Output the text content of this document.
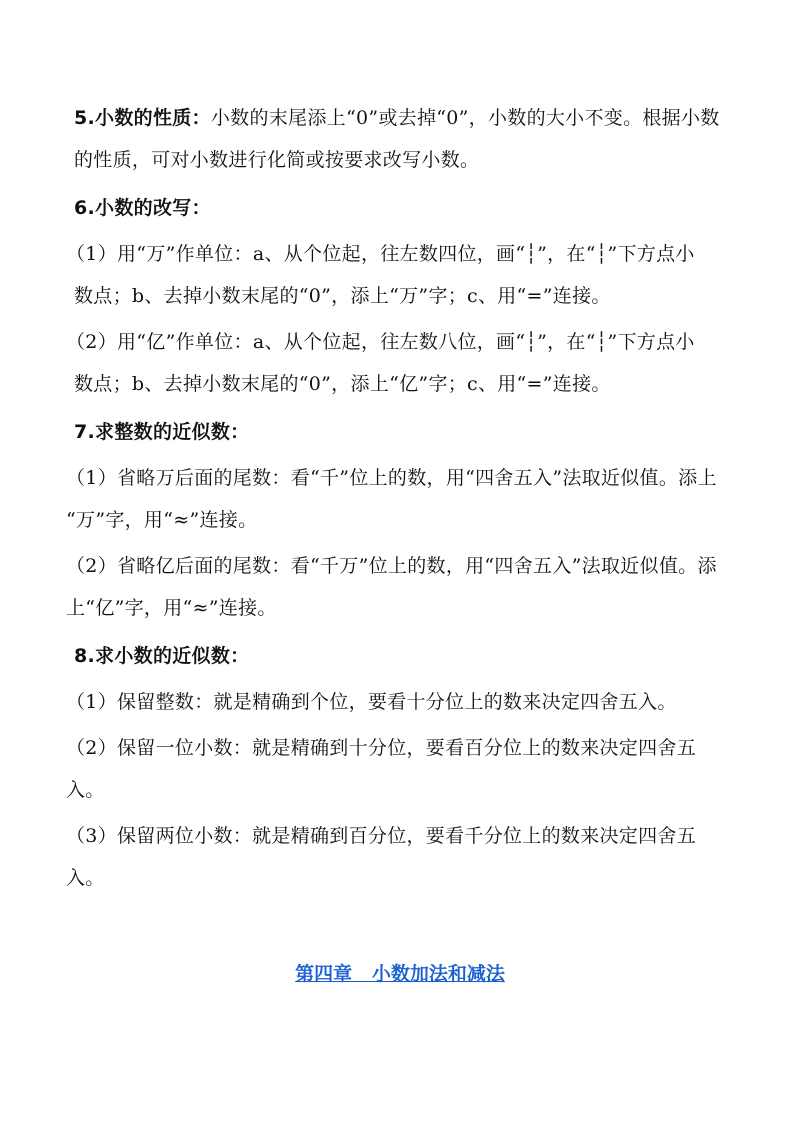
5.小数的性质：小数的末尾添上“0”或去掉“0”，小数的大小不变。根据小数
的性质，可对小数进行化简或按要求改写小数。
6.小数的改写：
（1）用“万”作单位：a、从个位起，往左数四位，画“┆”，在“┆”下方点小
数点；b、去掉小数末尾的“0”，添上“万”字；c、用“=”连接。
（2）用“亿”作单位：a、从个位起，往左数八位，画“┆”，在“┆”下方点小
数点；b、去掉小数末尾的“0”，添上“亿”字；c、用“=”连接。
7.求整数的近似数：
（1）省略万后面的尾数：看“千”位上的数，用“四舍五入”法取近似值。添上
“万”字，用“≈”连接。
（2）省略亿后面的尾数：看“千万”位上的数，用“四舍五入”法取近似值。添
上“亿”字，用“≈”连接。
8.求小数的近似数：
（1）保留整数：就是精确到个位，要看十分位上的数来决定四舍五入。
（2）保留一位小数：就是精确到十分位，要看百分位上的数来决定四舍五
入。
（3）保留两位小数：就是精确到百分位，要看千分位上的数来决定四舍五
入。
第四章   小数加法和减法
